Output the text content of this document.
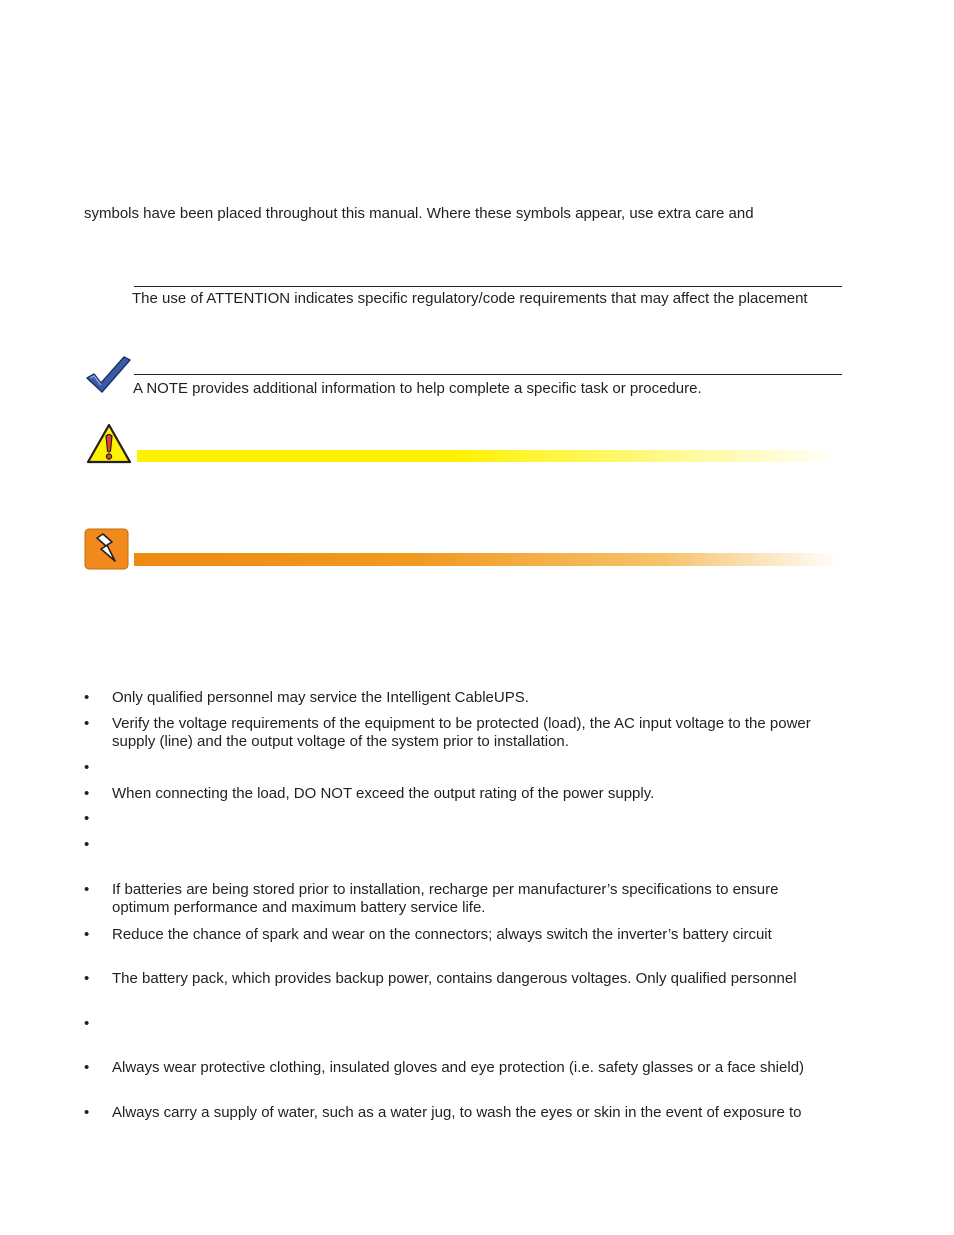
symbols have been placed throughout this manual. Where these symbols appear, use extra care and
The use of ATTENTION indicates specific regulatory/code requirements that may affect the placement
A NOTE provides additional information to help complete a specific task or procedure.
• Only qualified personnel may service the Intelligent CableUPS.
• Verify the voltage requirements of the equipment to be protected (load), the AC input voltage to the power
supply (line) and the output voltage of the system prior to installation.
•
• When connecting the load, DO NOT exceed the output rating of the power supply.
•
•
• If batteries are being stored prior to installation, recharge per manufacturer’s specifications to ensure
optimum performance and maximum battery service life.
• Reduce the chance of spark and wear on the connectors; always switch the inverter’s battery circuit
• The battery pack, which provides backup power, contains dangerous voltages. Only qualified personnel
•
• Always wear protective clothing, insulated gloves and eye protection (i.e. safety glasses or a face shield)
• Always carry a supply of water, such as a water jug, to wash the eyes or skin in the event of exposure to
